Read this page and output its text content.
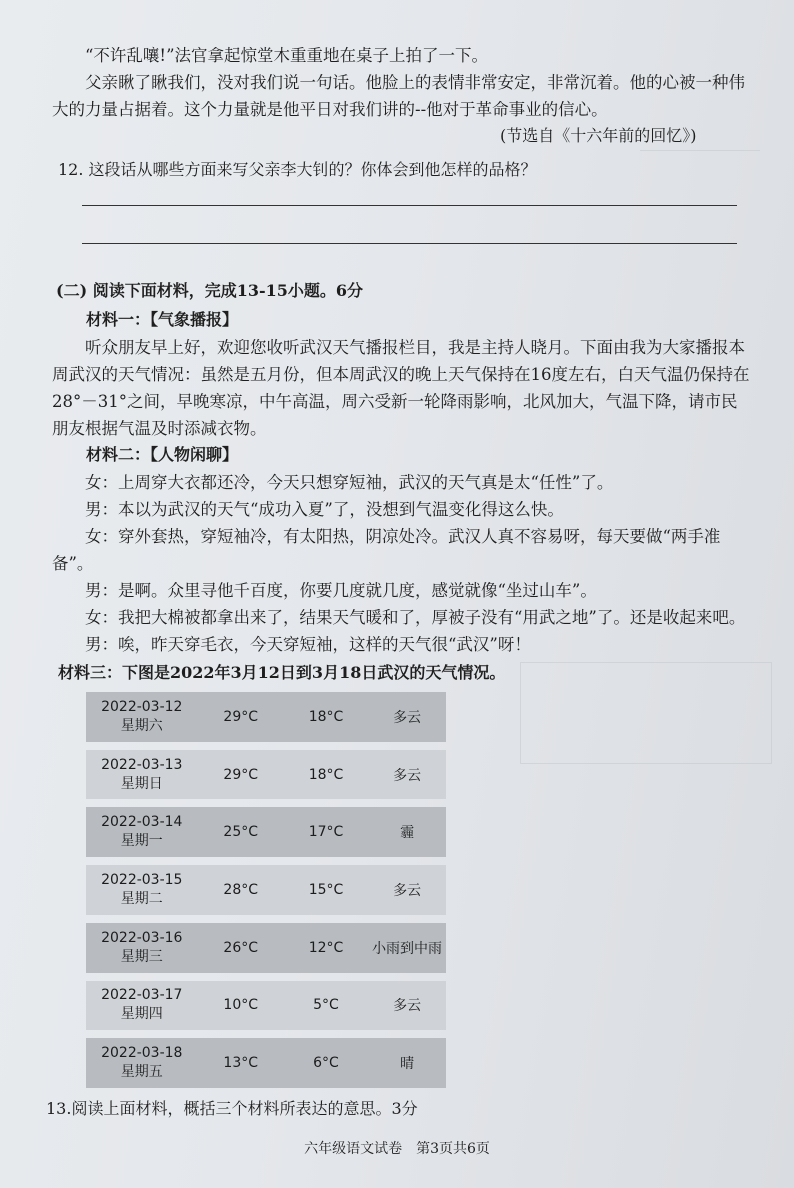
“不许乱嚷!”法官拿起惊堂木重重地在桌子上拍了一下。

父亲瞅了瞅我们，没对我们说一句话。他脸上的表情非常安定，非常沉着。他的心被一种伟大的力量占据着。这个力量就是他平日对我们讲的--他对于革命事业的信心。

(节选自《十六年前的回忆》)
12. 这段话从哪些方面来写父亲李大钊的？你体会到他怎样的品格？
(二) 阅读下面材料，完成13-15小题。6分
材料一：【气象播报】

听众朋友早上好，欢迎您收听武汉天气播报栏目，我是主持人晓月。下面由我为大家播报本周武汉的天气情况：虽然是五月份，但本周武汉的晚上天气保持在16度左右，白天气温仍保持在28°－31°之间，早晚寒凉，中午高温，周六受新一轮降雨影响，北风加大，气温下降，请市民朋友根据气温及时添减衣物。

材料二：【人物闲聊】

女：上周穿大衣都还冷，今天只想穿短袖，武汉的天气真是太“任性”了。

男：本以为武汉的天气“成功入夏”了，没想到气温变化得这么快。

女：穿外套热，穿短袖冷，有太阳热，阴凉处冷。武汉人真不容易呀，每天要做“两手准备”。

男：是啊。众里寻他千百度，你要几度就几度，感觉就像“坐过山车”。

女：我把大棉被都拿出来了，结果天气暖和了，厚被子没有“用武之地”了。还是收起来吧。

男：唉，昨天穿毛衣，今天穿短袖，这样的天气很“武汉”呀！

材料三：下图是2022年3月12日到3月18日武汉的天气情况。
2022-03-12
星期六	29°C	18°C	多云

2022-03-13
星期日	29°C	18°C	多云

2022-03-14
星期一	25°C	17°C	霾

2022-03-15
星期二	28°C	15°C	多云

2022-03-16
星期三	26°C	12°C	小雨到中雨

2022-03-17
星期四	10°C	5°C	多云

2022-03-18
星期五	13°C	6°C	晴
13.阅读上面材料，概括三个材料所表达的意思。3分
六年级语文试卷　第3页共6页
